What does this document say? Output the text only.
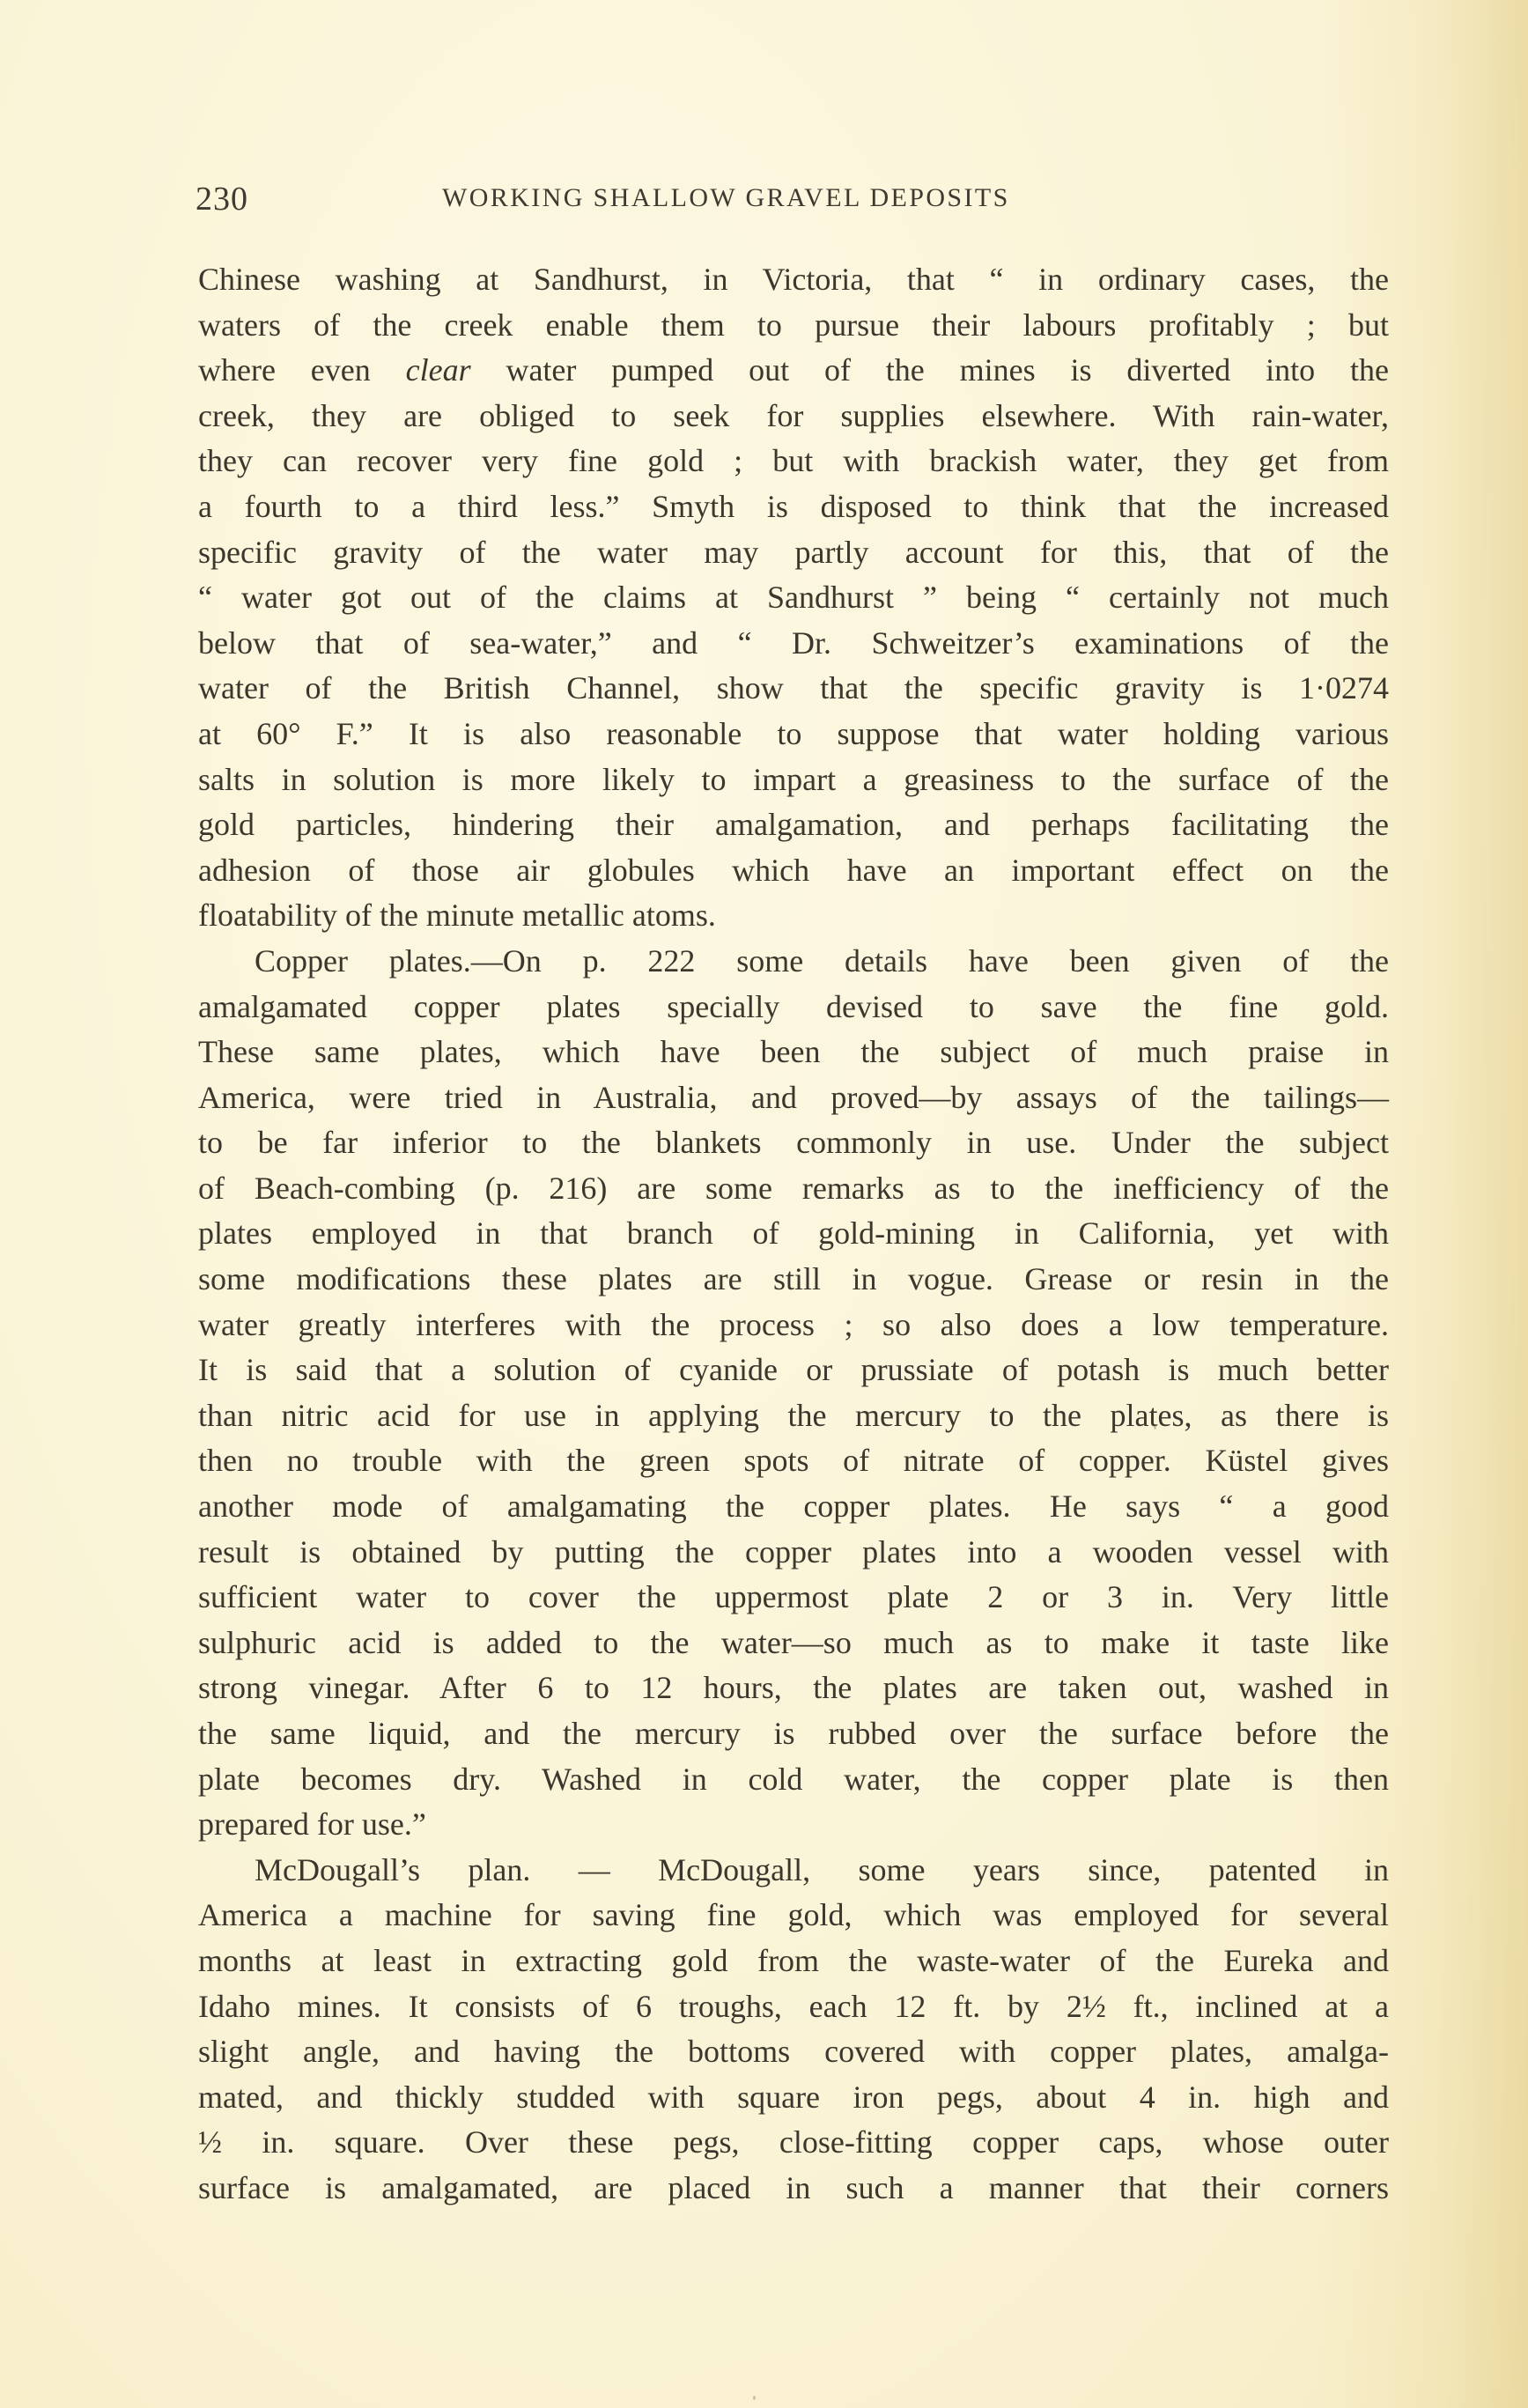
230	WORKING SHALLOW GRAVEL DEPOSITS
Chinese washing at Sandhurst, in Victoria, that “ in ordinary cases, the
waters of the creek enable them to pursue their labours profitably ; but
where even clear water pumped out of the mines is diverted into the
creek, they are obliged to seek for supplies elsewhere. With rain-water,
they can recover very fine gold ; but with brackish water, they get from
a fourth to a third less.” Smyth is disposed to think that the increased
specific gravity of the water may partly account for this, that of the
“ water got out of the claims at Sandhurst ” being “ certainly not much
below that of sea-water,” and “ Dr. Schweitzer’s examinations of the
water of the British Channel, show that the specific gravity is 1·0274
at 60° F.” It is also reasonable to suppose that water holding various
salts in solution is more likely to impart a greasiness to the surface of the
gold particles, hindering their amalgamation, and perhaps facilitating the
adhesion of those air globules which have an important effect on the
floatability of the minute metallic atoms.
Copper plates.—On p. 222 some details have been given of the
amalgamated copper plates specially devised to save the fine gold.
These same plates, which have been the subject of much praise in
America, were tried in Australia, and proved—by assays of the tailings—
to be far inferior to the blankets commonly in use. Under the subject
of Beach-combing (p. 216) are some remarks as to the inefficiency of the
plates employed in that branch of gold-mining in California, yet with
some modifications these plates are still in vogue. Grease or resin in the
water greatly interferes with the process ; so also does a low temperature.
It is said that a solution of cyanide or prussiate of potash is much better
than nitric acid for use in applying the mercury to the plates, as there is
then no trouble with the green spots of nitrate of copper. Küstel gives
another mode of amalgamating the copper plates. He says “ a good
result is obtained by putting the copper plates into a wooden vessel with
sufficient water to cover the uppermost plate 2 or 3 in. Very little
sulphuric acid is added to the water—so much as to make it taste like
strong vinegar. After 6 to 12 hours, the plates are taken out, washed in
the same liquid, and the mercury is rubbed over the surface before the
plate becomes dry. Washed in cold water, the copper plate is then
prepared for use.”
McDougall’s plan. — McDougall, some years since, patented in
America a machine for saving fine gold, which was employed for several
months at least in extracting gold from the waste-water of the Eureka and
Idaho mines. It consists of 6 troughs, each 12 ft. by 2½ ft., inclined at a
slight angle, and having the bottoms covered with copper plates, amalga-
mated, and thickly studded with square iron pegs, about 4 in. high and
½ in. square. Over these pegs, close-fitting copper caps, whose outer
surface is amalgamated, are placed in such a manner that their corners
